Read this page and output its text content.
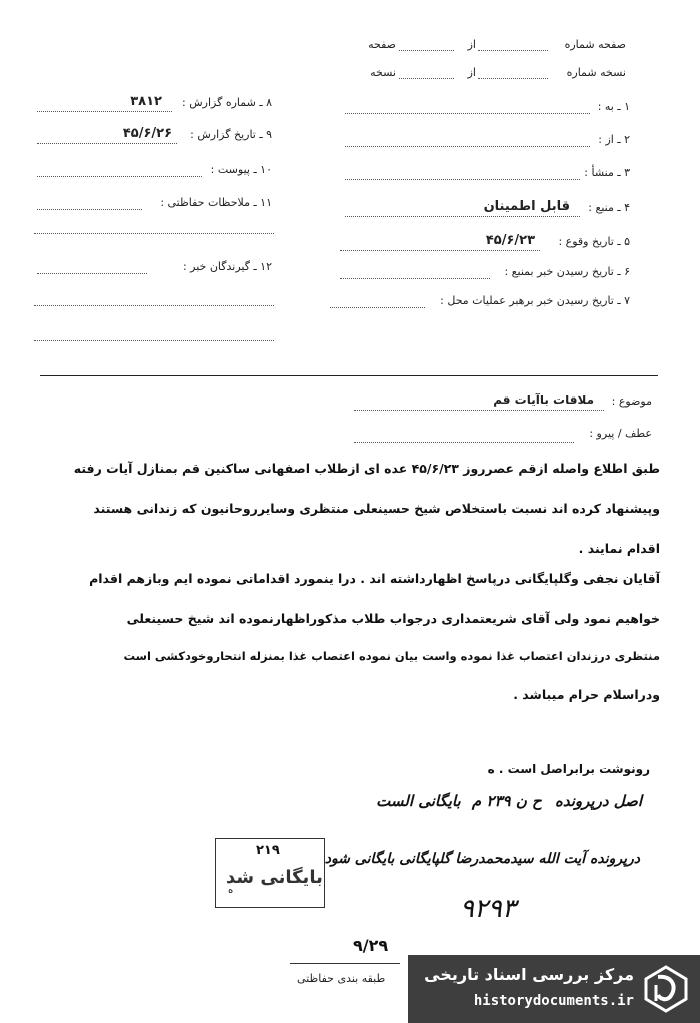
صفحه شماره
از
صفحه
نسخه شماره
از
نسخه
۱ ـ به :
۲ ـ از :
۳ ـ منشأ :
۴ ـ منبع :
قابل اطمینان
۵ ـ تاریخ وقوع :
۴۵/۶/۲۳
۶ ـ تاریخ رسیدن خبر بمنبع :
۷ ـ تاریخ رسیدن خبر برهبر عملیات محل :
۸ ـ شماره گزارش :
۳۸۱۲
۹ ـ تاریخ گزارش :
۴۵/۶/۲۶
۱۰ ـ پیوست :
۱۱ ـ ملاحظات حفاظتی :
۱۲ ـ گیرندگان خبر :
موضوع :
ملاقات باآیات قم
عطف / پیرو :
طبق اطلاع واصله ازقم عصرروز ۴۵/۶/۲۳ عده ای ازطلاب اصفهانی ساکنین قم بمنازل آیات رفته
وپیشنهاد کرده اند نسبت باستخلاص شیخ حسینعلی منتظری وسایرروحانیون که زندانی هستند
اقدام نمایند .
آقایان نجفی وگلپایگانی درپاسخ اظهارداشته اند . درا ینمورد اقداماتی نموده ایم وبازهم اقدام
خواهیم نمود ولی آقای شریعتمداری درجواب طلاب مذکوراظهارنموده اند شیخ حسینعلی
منتظری درزندان اعتصاب غذا نموده واست بیان نموده اعتصاب غذا بمنزله انتحاروخودکشی است
ودراسلام حرام میباشد .
رونوشت برابراصل است . ه
اصل درپرونده ح ن ۲۳۹ م بایگانی الست
درپرونده آیت الله سیدمحمدرضا گلپایگانی بایگانی شود
۲۱۹
بایگانی شد
ه
۹۲۹۳
۹/۲۹
طبقه بندی حفاظتی مرکز بررسی اسناد تاریخی
historydocuments.ir
